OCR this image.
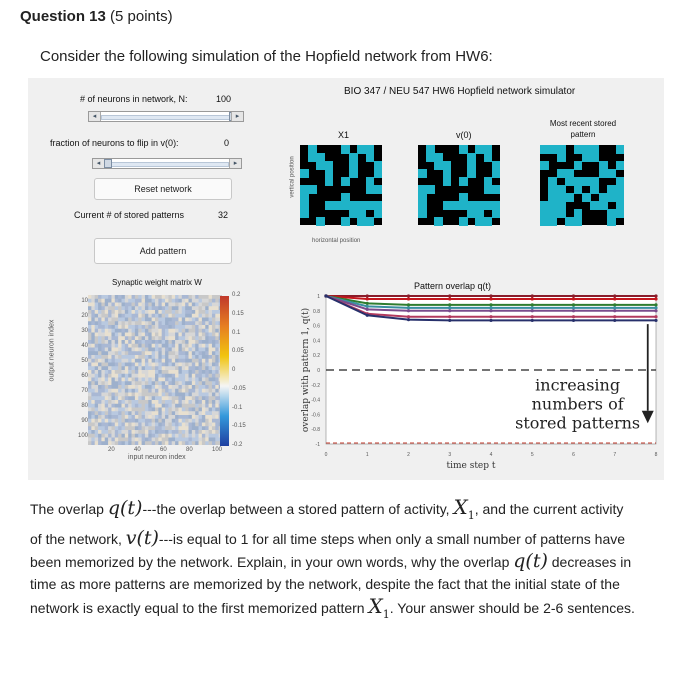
Question 13 (5 points)
Consider the following simulation of the Hopfield network from HW6:
# of neurons in network, N:	100
◂	▸
fraction of neurons to flip in v(0):	0
◂	▸
Reset network
Current # of stored patterns	32
Add pattern
Synaptic weight matrix W
output neuron index
10
20
30
40
50
60
70
80
90
100
20	40	60	80	100
input neuron index
0.2
0.15
0.1
0.05
0
-0.05
-0.1
-0.15
-0.2
BIO 347 / NEU 547 HW6 Hopfield network simulator
X1	v(0)
Most recent stored pattern
vertical position
horizontal position
Pattern overlap q(t)
1
0.8
0.6
0.4
0.2
0
-0.2
-0.4
-0.6
-0.8
-1
0	1	2	3	4	5	6	7	8
overlap with pattern 1, q(t)
time step t
increasing
numbers of
stored patterns
The overlap q(t)---the overlap between a stored pattern of activity, $X_1$, and the current activity of the network, v(t)---is equal to 1 for all time steps when only a small number of patterns have been memorized by the network. Explain, in your own words, why the overlap q(t) decreases in time as more patterns are memorized by the network, despite the fact that the initial state of the network is exactly equal to the first memorized pattern $X_1$. Your answer should be 2-6 sentences.
